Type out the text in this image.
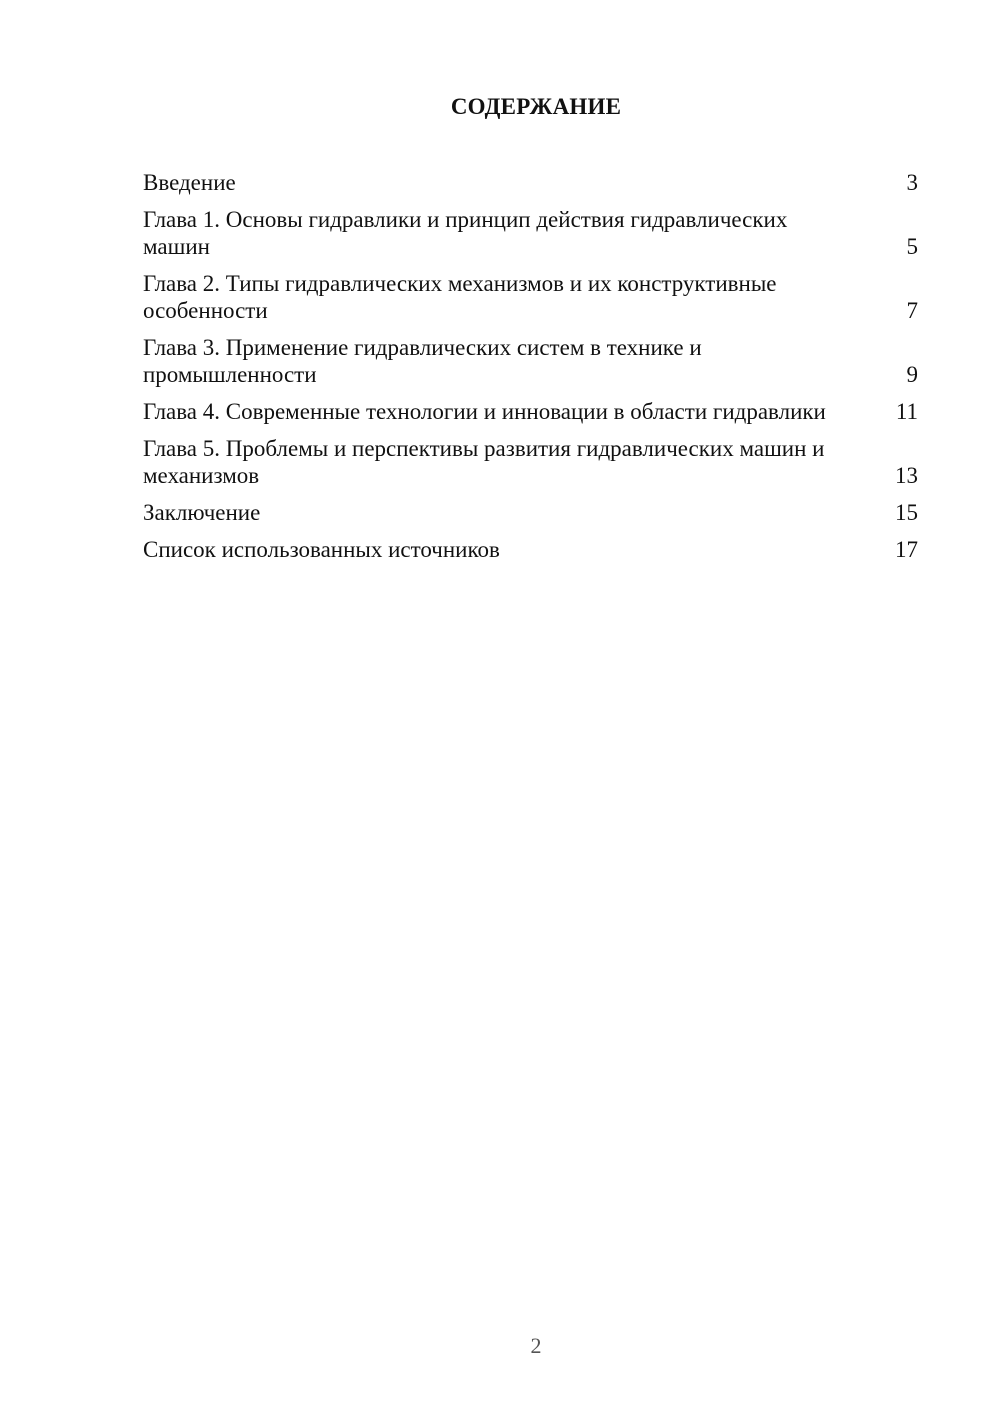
СОДЕРЖАНИЕ
Введение	3
Глава 1. Основы гидравлики и принцип действия гидравлических машин	5
Глава 2. Типы гидравлических механизмов и их конструктивные особенности	7
Глава 3. Применение гидравлических систем в технике и промышленности	9
Глава 4. Современные технологии и инновации в области гидравлики	11
Глава 5. Проблемы и перспективы развития гидравлических машин и механизмов	13
Заключение	15
Список использованных источников	17
2
